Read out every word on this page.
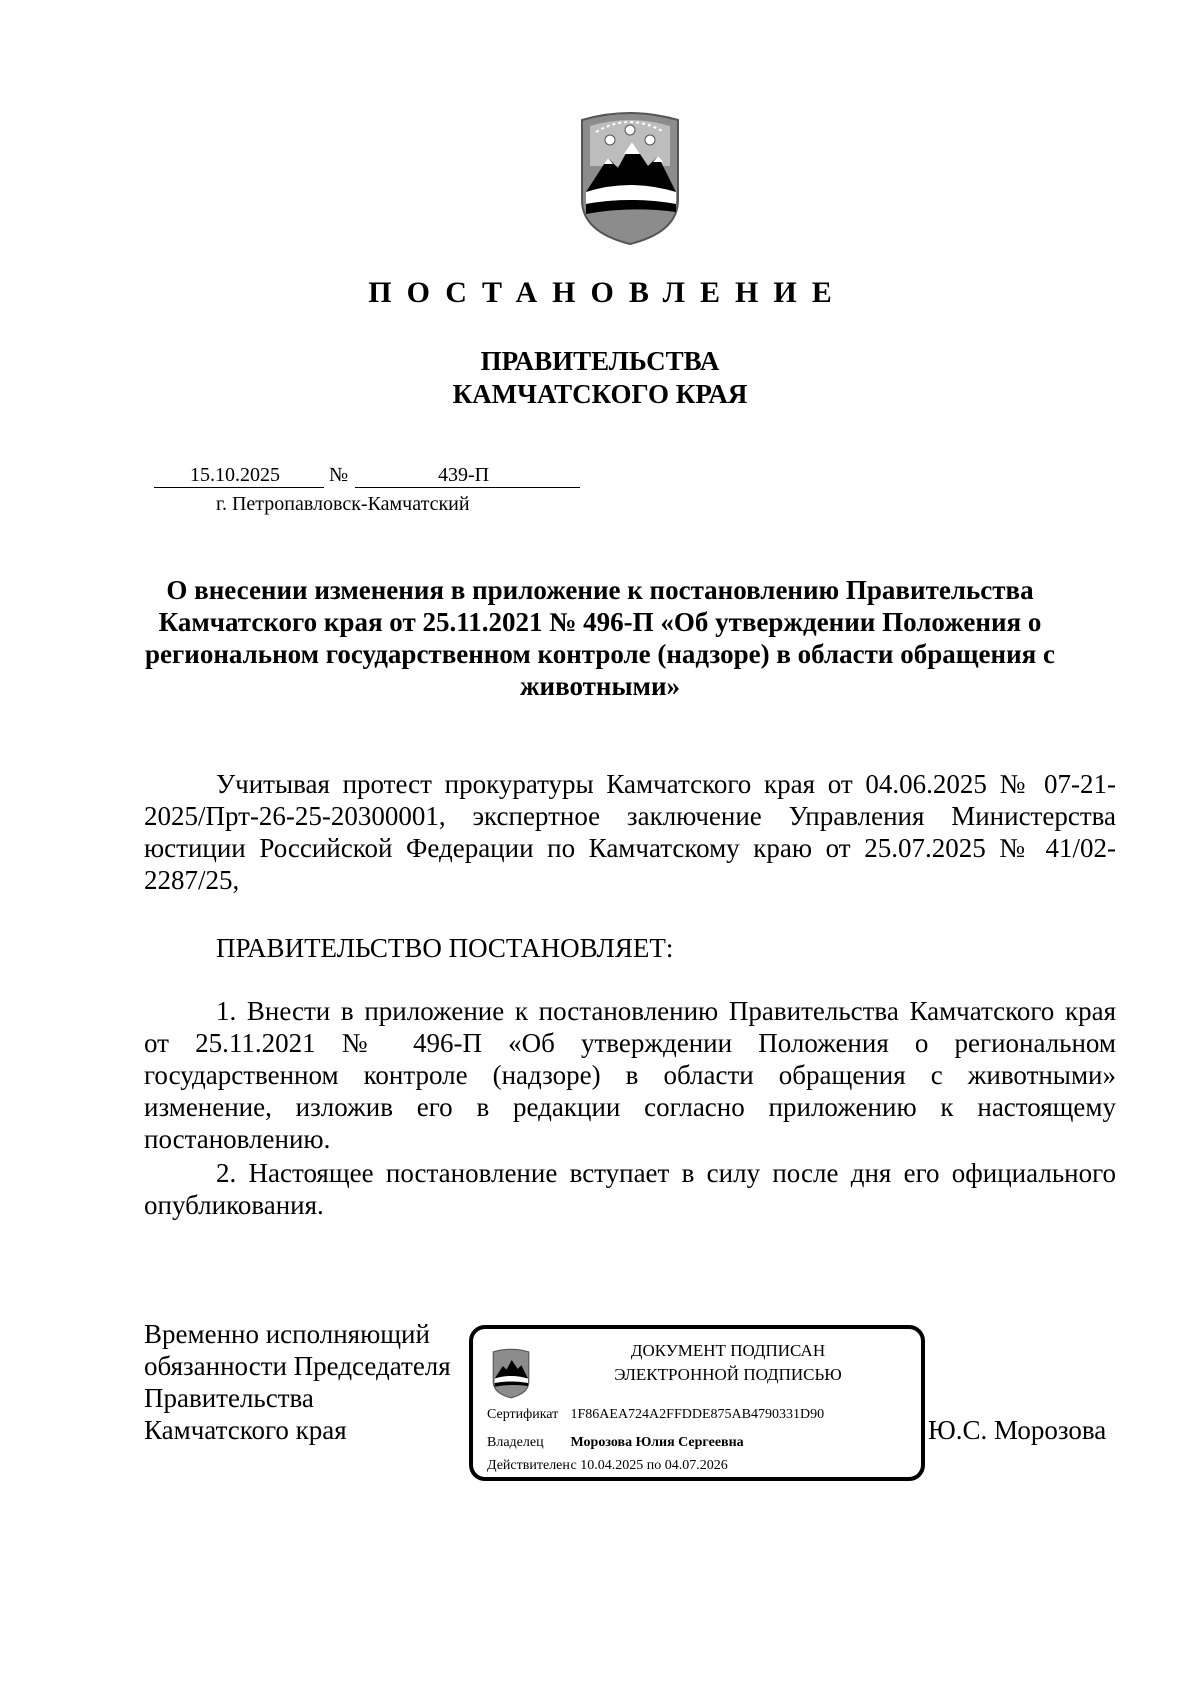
ПОСТАНОВЛЕНИЕ
ПРАВИТЕЛЬСТВА
КАМЧАТСКОГО КРАЯ
15.10.2025 №	439-П
г. Петропавловск-Камчатский
О внесении изменения в приложение к постановлению Правительства Камчатского края от 25.11.2021 № 496-П «Об утверждении Положения о региональном государственном контроле (надзоре) в области обращения с животными»
Учитывая протест прокуратуры Камчатского края от 04.06.2025 № 07-21-2025/Прт-26-25-20300001, экспертное заключение Управления Министерства юстиции Российской Федерации по Камчатскому краю от 25.07.2025 № 41/02-2287/25,
ПРАВИТЕЛЬСТВО ПОСТАНОВЛЯЕТ:
1. Внести в приложение к постановлению Правительства Камчатского края от 25.11.2021 № 496-П «Об утверждении Положения о региональном государственном контроле (надзоре) в области обращения с животными» изменение, изложив его в редакции согласно приложению к настоящему постановлению.
2. Настоящее постановление вступает в силу после дня его официального опубликования.
Временно исполняющий
обязанности Председателя
Правительства
Камчатского края
ДОКУМЕНТ ПОДПИСАН
ЭЛЕКТРОННОЙ ПОДПИСЬЮ
Сертификат 1F86AEA724A2FFDDE875AB4790331D90
Владелец Морозова Юлия Сергеевна
Действителен с 10.04.2025 по 04.07.2026
Ю.С. Морозова
